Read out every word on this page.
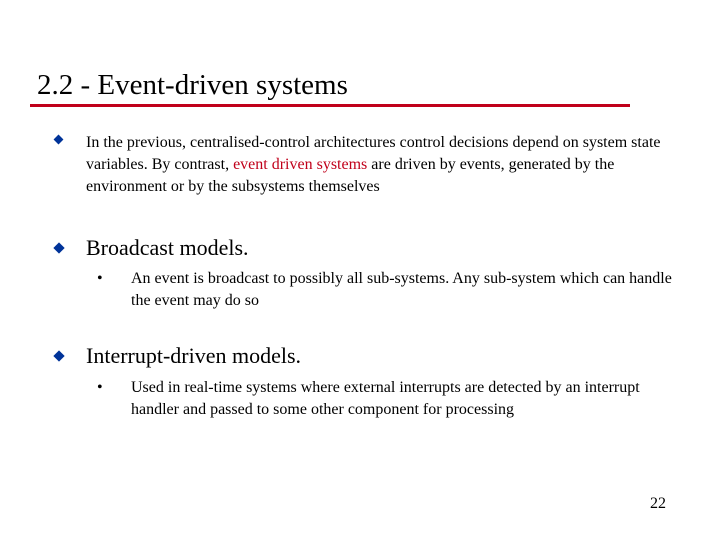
2.2 - Event-driven systems
In the previous, centralised-control architectures control decisions depend on system state variables. By contrast, event driven systems are driven by events, generated by the environment or by the subsystems themselves
Broadcast models.
• An event is broadcast to possibly all sub-systems. Any sub-system which can handle the event may do so
Interrupt-driven models.
• Used in real-time systems where external interrupts are detected by an interrupt handler and passed to some other component for processing
22
